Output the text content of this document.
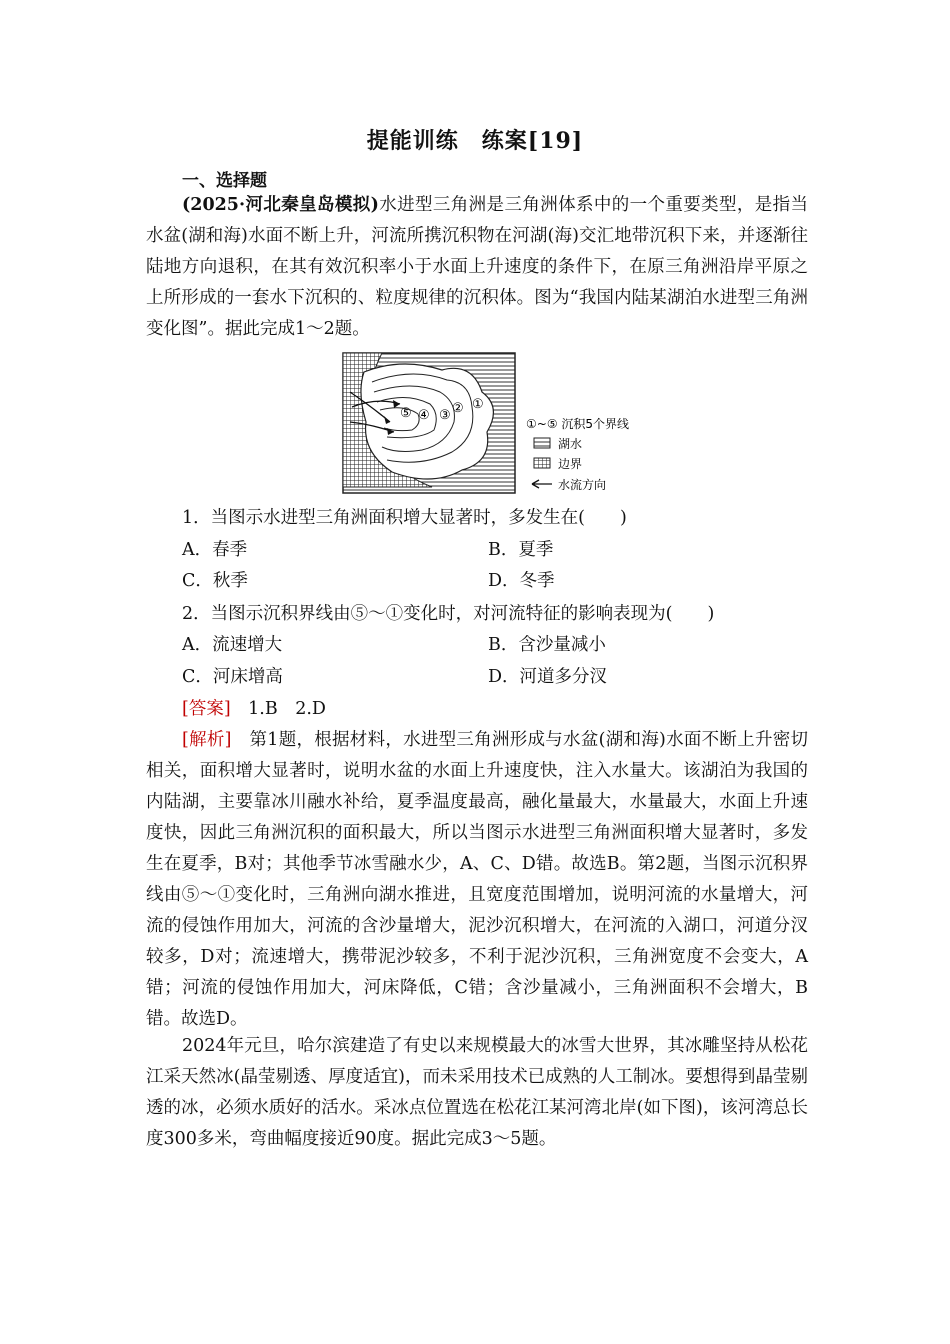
提能训练　练案[19]
一、选择题
(2025·河北秦皇岛模拟)水进型三角洲是三角洲体系中的一个重要类型，是指当水盆(湖和海)水面不断上升，河流所携沉积物在河湖(海)交汇地带沉积下来，并逐渐往陆地方向退积，在其有效沉积率小于水面上升速度的条件下，在原三角洲沿岸平原之上所形成的一套水下沉积的、粒度规律的沉积体。图为“我国内陆某湖泊水进型三角洲变化图”。据此完成1～2题。
⑤ ④ ③ ② ①
①~⑤ 沉积5个界线
湖水
边界
水流方向
1．当图示水进型三角洲面积增大显著时，多发生在(　　)
A．春季	B．夏季
C．秋季	D．冬季
2．当图示沉积界线由⑤～①变化时，对河流特征的影响表现为(　　)
A．流速增大	B．含沙量减小
C．河床增高	D．河道多分汊
[答案]　 1.B　2.D
[解析]　 第1题，根据材料，水进型三角洲形成与水盆(湖和海)水面不断上升密切相关，面积增大显著时，说明水盆的水面上升速度快，注入水量大。该湖泊为我国的内陆湖，主要靠冰川融水补给，夏季温度最高，融化量最大，水量最大，水面上升速度快，因此三角洲沉积的面积最大，所以当图示水进型三角洲面积增大显著时，多发生在夏季，B对；其他季节冰雪融水少，A、C、D错。故选B。第2题，当图示沉积界线由⑤～①变化时，三角洲向湖水推进，且宽度范围增加，说明河流的水量增大，河流的侵蚀作用加大，河流的含沙量增大，泥沙沉积增大，在河流的入湖口，河道分汊较多，D对；流速增大，携带泥沙较多，不利于泥沙沉积，三角洲宽度不会变大，A错；河流的侵蚀作用加大，河床降低，C错；含沙量减小，三角洲面积不会增大，B错。故选D。
2024年元旦，哈尔滨建造了有史以来规模最大的冰雪大世界，其冰雕坚持从松花江采天然冰(晶莹剔透、厚度适宜)，而未采用技术已成熟的人工制冰。要想得到晶莹剔透的冰，必须水质好的活水。采冰点位置选在松花江某河湾北岸(如下图)，该河湾总长度300多米，弯曲幅度接近90度。据此完成3～5题。
